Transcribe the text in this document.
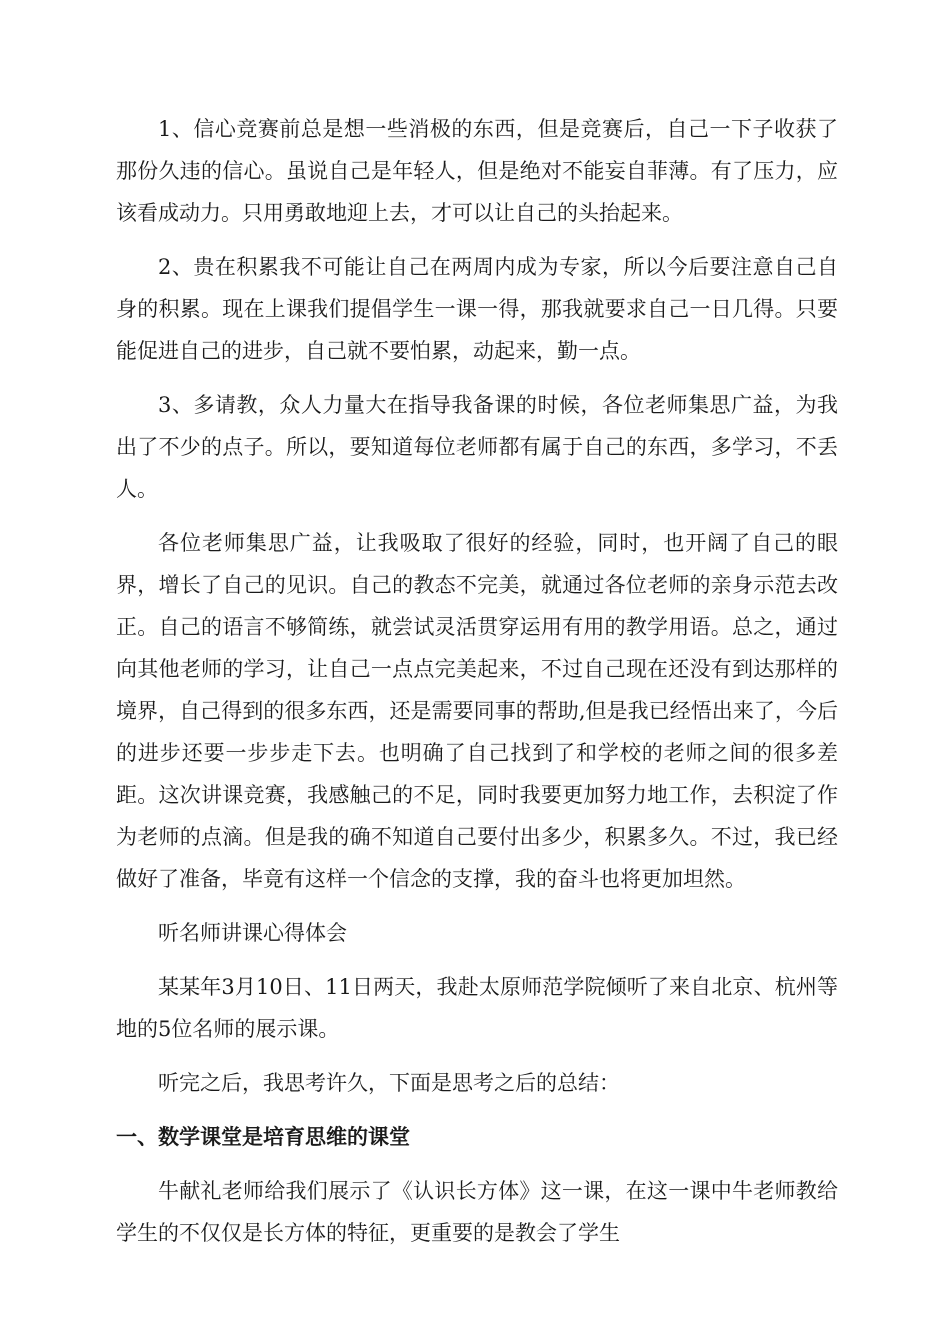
1、信心竞赛前总是想一些消极的东西，但是竞赛后，自己一下子收获了那份久违的信心。虽说自己是年轻人，但是绝对不能妄自菲薄。有了压力，应该看成动力。只用勇敢地迎上去，才可以让自己的头抬起来。

2、贵在积累我不可能让自己在两周内成为专家，所以今后要注意自己自身的积累。现在上课我们提倡学生一课一得，那我就要求自己一日几得。只要能促进自己的进步，自己就不要怕累，动起来，勤一点。

3、多请教，众人力量大在指导我备课的时候，各位老师集思广益，为我出了不少的点子。所以，要知道每位老师都有属于自己的东西，多学习，不丢人。

各位老师集思广益，让我吸取了很好的经验，同时，也开阔了自己的眼界，增长了自己的见识。自己的教态不完美，就通过各位老师的亲身示范去改正。自己的语言不够简练，就尝试灵活贯穿运用有用的教学用语。总之，通过向其他老师的学习，让自己一点点完美起来，不过自己现在还没有到达那样的境界，自己得到的很多东西，还是需要同事的帮助,但是我已经悟出来了，今后的进步还要一步步走下去。也明确了自己找到了和学校的老师之间的很多差距。这次讲课竞赛，我感触己的不足，同时我要更加努力地工作，去积淀了作为老师的点滴。但是我的确不知道自己要付出多少，积累多久。不过，我已经做好了准备，毕竟有这样一个信念的支撑，我的奋斗也将更加坦然。

听名师讲课心得体会

某某年3月10日、11日两天，我赴太原师范学院倾听了来自北京、杭州等地的5位名师的展示课。

听完之后，我思考许久，下面是思考之后的总结：

一、数学课堂是培育思维的课堂

牛献礼老师给我们展示了《认识长方体》这一课，在这一课中牛老师教给学生的不仅仅是长方体的特征，更重要的是教会了学生
